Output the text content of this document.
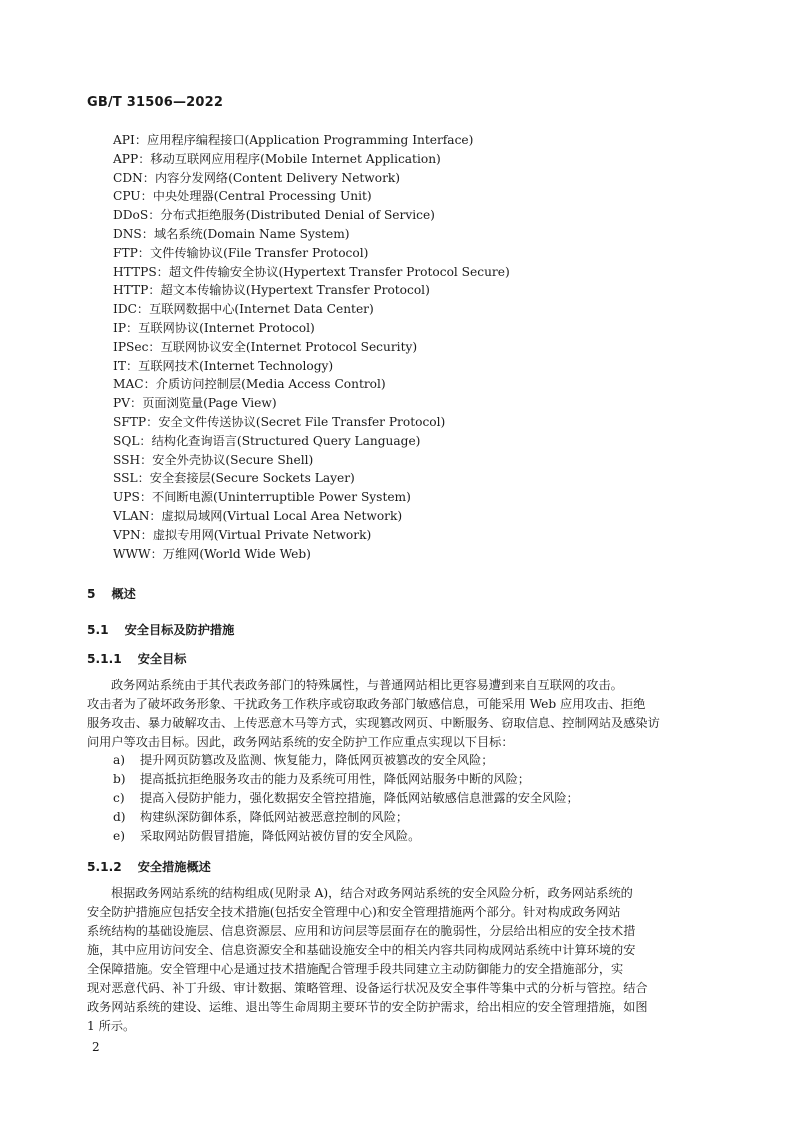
GB/T 31506—2022
API：应用程序编程接口(Application Programming Interface)
APP：移动互联网应用程序(Mobile Internet Application)
CDN：内容分发网络(Content Delivery Network)
CPU：中央处理器(Central Processing Unit)
DDoS：分布式拒绝服务(Distributed Denial of Service)
DNS：域名系统(Domain Name System)
FTP：文件传输协议(File Transfer Protocol)
HTTPS：超文件传输安全协议(Hypertext Transfer Protocol Secure)
HTTP：超文本传输协议(Hypertext Transfer Protocol)
IDC：互联网数据中心(Internet Data Center)
IP：互联网协议(Internet Protocol)
IPSec：互联网协议安全(Internet Protocol Security)
IT：互联网技术(Internet Technology)
MAC：介质访问控制层(Media Access Control)
PV：页面浏览量(Page View)
SFTP：安全文件传送协议(Secret File Transfer Protocol)
SQL：结构化查询语言(Structured Query Language)
SSH：安全外壳协议(Secure Shell)
SSL：安全套接层(Secure Sockets Layer)
UPS：不间断电源(Uninterruptible Power System)
VLAN：虚拟局域网(Virtual Local Area Network)
VPN：虚拟专用网(Virtual Private Network)
WWW：万维网(World Wide Web)
5 概述
5.1 安全目标及防护措施
5.1.1 安全目标
政务网站系统由于其代表政务部门的特殊属性，与普通网站相比更容易遭到来自互联网的攻击。
攻击者为了破坏政务形象、干扰政务工作秩序或窃取政务部门敏感信息，可能采用 Web 应用攻击、拒绝
服务攻击、暴力破解攻击、上传恶意木马等方式，实现篡改网页、中断服务、窃取信息、控制网站及感染访
问用户等攻击目标。因此，政务网站系统的安全防护工作应重点实现以下目标：
a) 提升网页防篡改及监测、恢复能力，降低网页被篡改的安全风险；
b) 提高抵抗拒绝服务攻击的能力及系统可用性，降低网站服务中断的风险；
c) 提高入侵防护能力，强化数据安全管控措施，降低网站敏感信息泄露的安全风险；
d) 构建纵深防御体系，降低网站被恶意控制的风险；
e) 采取网站防假冒措施，降低网站被仿冒的安全风险。
5.1.2 安全措施概述
根据政务网站系统的结构组成(见附录 A)，结合对政务网站系统的安全风险分析，政务网站系统的
安全防护措施应包括安全技术措施(包括安全管理中心)和安全管理措施两个部分。针对构成政务网站
系统结构的基础设施层、信息资源层、应用和访问层等层面存在的脆弱性，分层给出相应的安全技术措
施，其中应用访问安全、信息资源安全和基础设施安全中的相关内容共同构成网站系统中计算环境的安
全保障措施。安全管理中心是通过技术措施配合管理手段共同建立主动防御能力的安全措施部分，实
现对恶意代码、补丁升级、审计数据、策略管理、设备运行状况及安全事件等集中式的分析与管控。结合
政务网站系统的建设、运维、退出等生命周期主要环节的安全防护需求，给出相应的安全管理措施，如图
1 所示。
2
